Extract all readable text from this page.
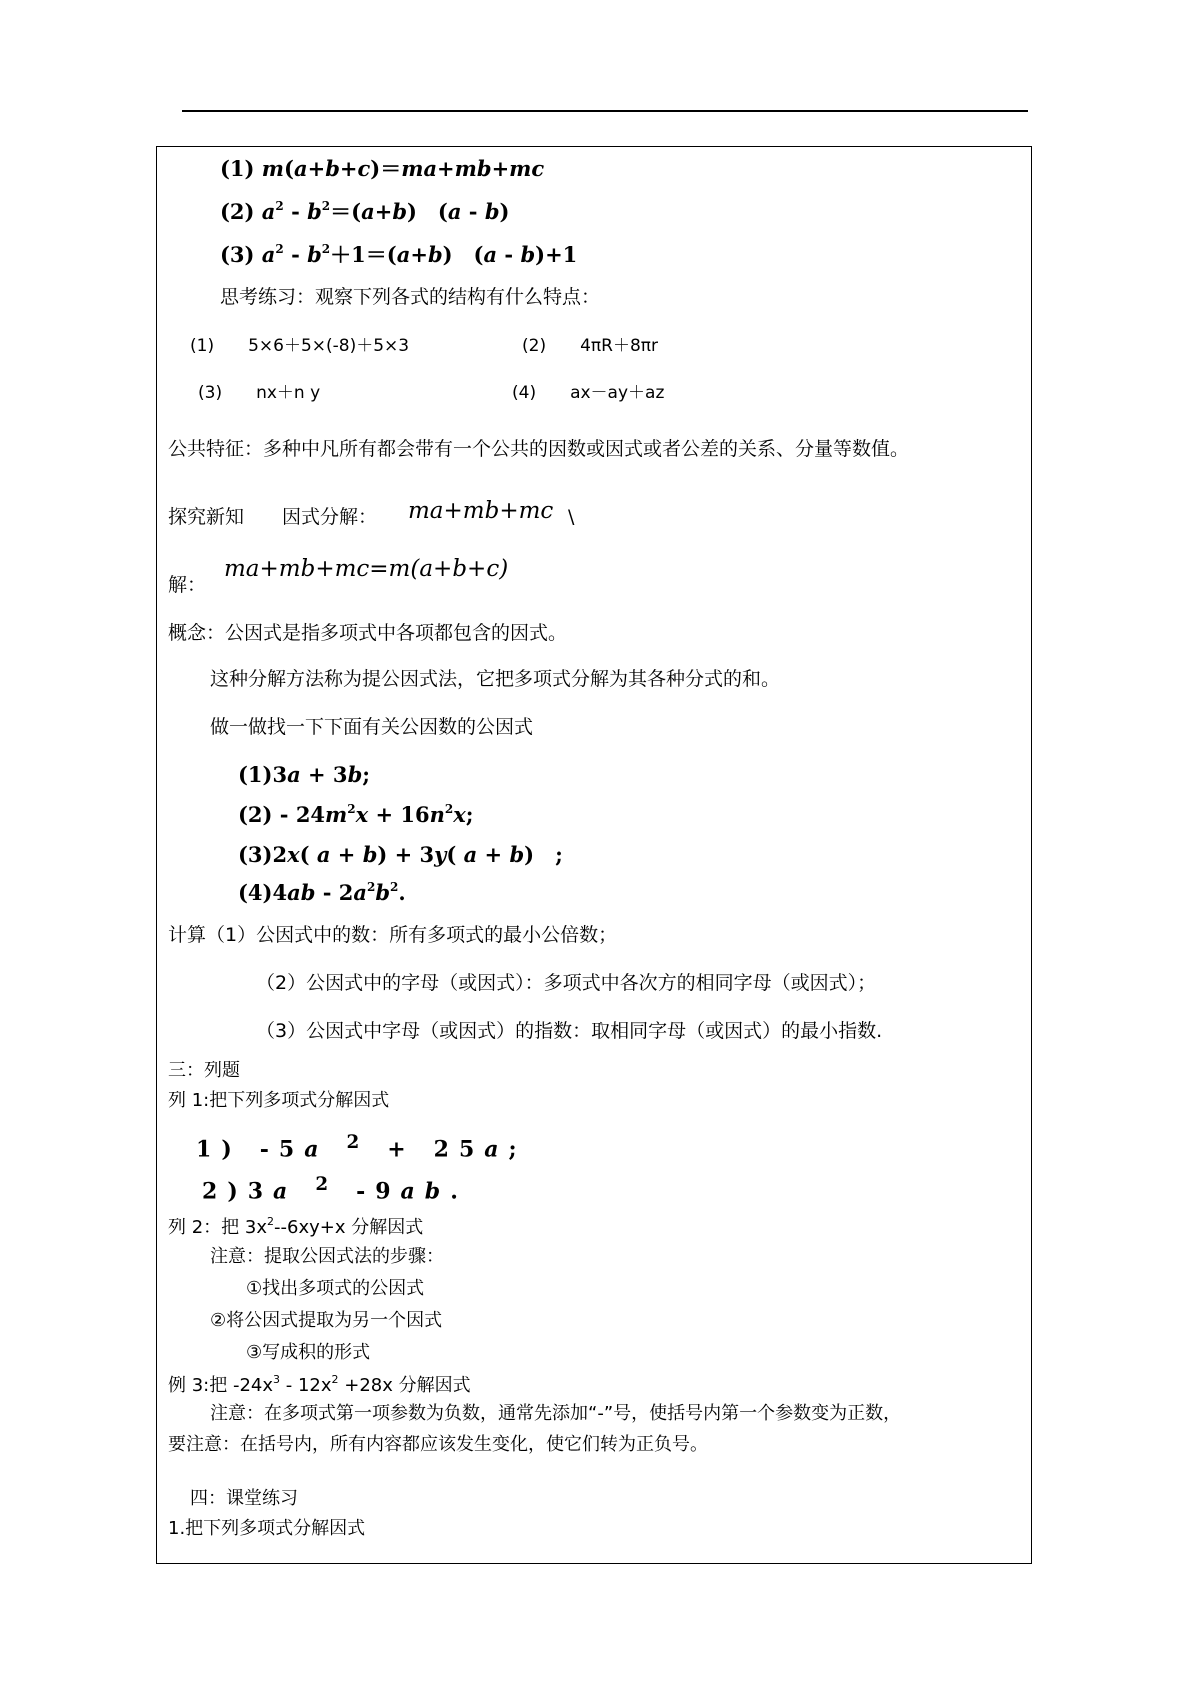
(1) m(a+b+c)＝ma+mb+mc
(2) $a^2 - b^2=(a+b)$　(a - b)
(3) $a^2 - b^2+1=(a+b)$　(a - b)+1
思考练习：观察下列各式的结构有什么特点：
(1)　　5×6＋5×(-8)＋5×3	(2)　　4πR＋8πr
(3)　　nx＋n y	(4)　　ax－ay＋az
公共特征：多种中凡所有都会带有一个公共的因数或因式或者公差的关系、分量等数值。
探究新知　　因式分解： ma+mb+mc \
解：
ma+mb+mc=m(a+b+c)
概念：公因式是指多项式中各项都包含的因式。
这种分解方法称为提公因式法，它把多项式分解为其各种分式的和。
做一做找一下下面有关公因数的公因式
(1)3a + 3b;
$(2) - 24m^2x + 16n^2x$;
(3)2x( a + b) + 3y( a + b)　;
$(4)4ab - 2a^2b^2$.
计算（1）公因式中的数：所有多项式的最小公倍数；
（2）公因式中的字母（或因式）：多项式中各次方的相同字母（或因式）；
（3）公因式中字母（或因式）的指数：取相同字母（或因式）的最小指数.
三：列题
列 1:把下列多项式分解因式
1 ) - 5 a $^2$ + 2 5 a ;
2 ) 3 a $^2$ - 9 a b .
列 2：把 $3x^2--6xy+x$ 分解因式
注意：提取公因式法的步骤：
①找出多项式的公因式
②将公因式提取为另一个因式
③写成积的形式
例 3:把 $-24x^3 - 12x^2 +28x$ 分解因式
注意：在多项式第一项参数为负数，通常先添加“-”号，使括号内第一个参数变为正数，
要注意：在括号内，所有内容都应该发生变化，使它们转为正负号。
四：课堂练习
1.把下列多项式分解因式
